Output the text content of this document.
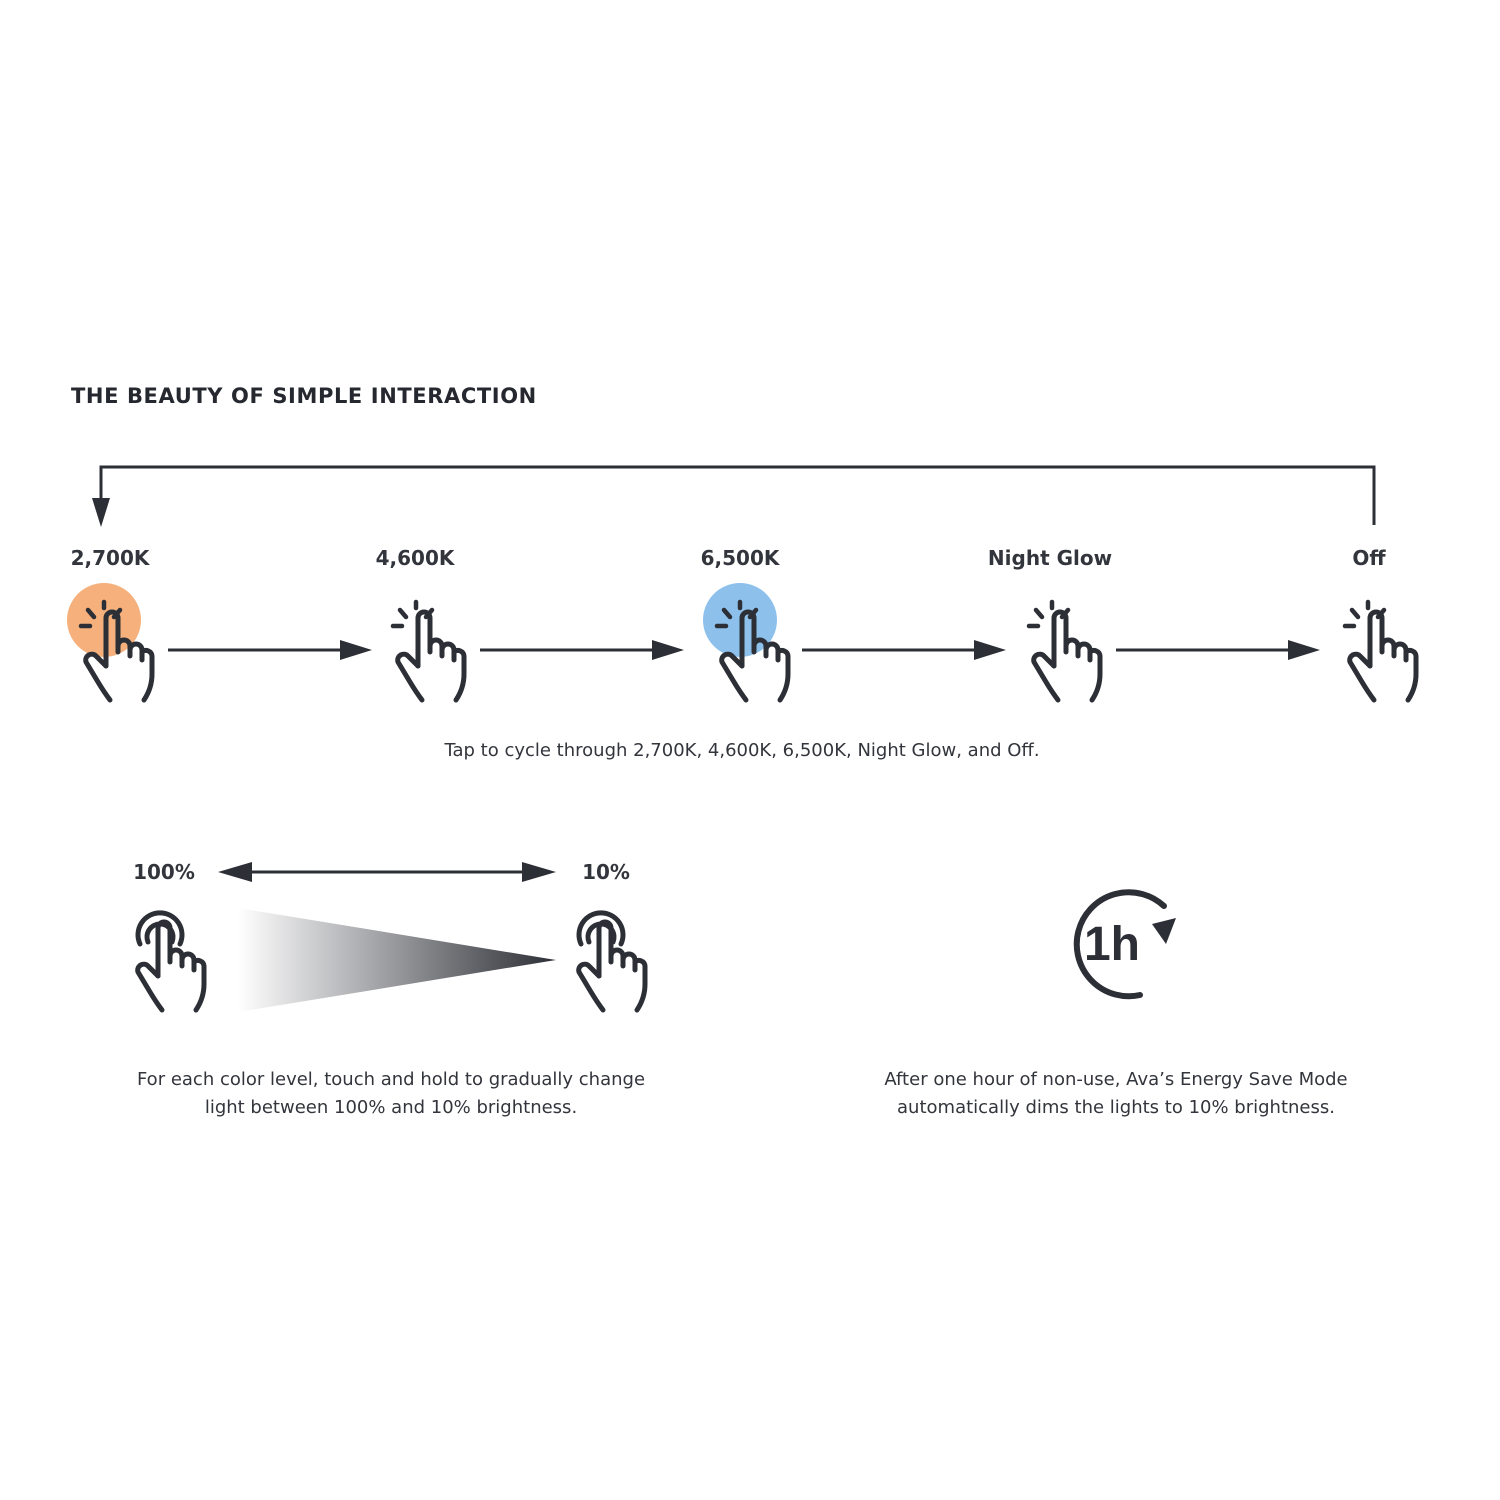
THE BEAUTY OF SIMPLE INTERACTION
1h
2,700K	4,600K	6,500K	Night Glow	Off
Tap to cycle through 2,700K, 4,600K, 6,500K, Night Glow, and Off.
100%	10%
For each color level, touch and hold to gradually change
light between 100% and 10% brightness.
After one hour of non-use, Ava’s Energy Save Mode
automatically dims the lights to 10% brightness.
